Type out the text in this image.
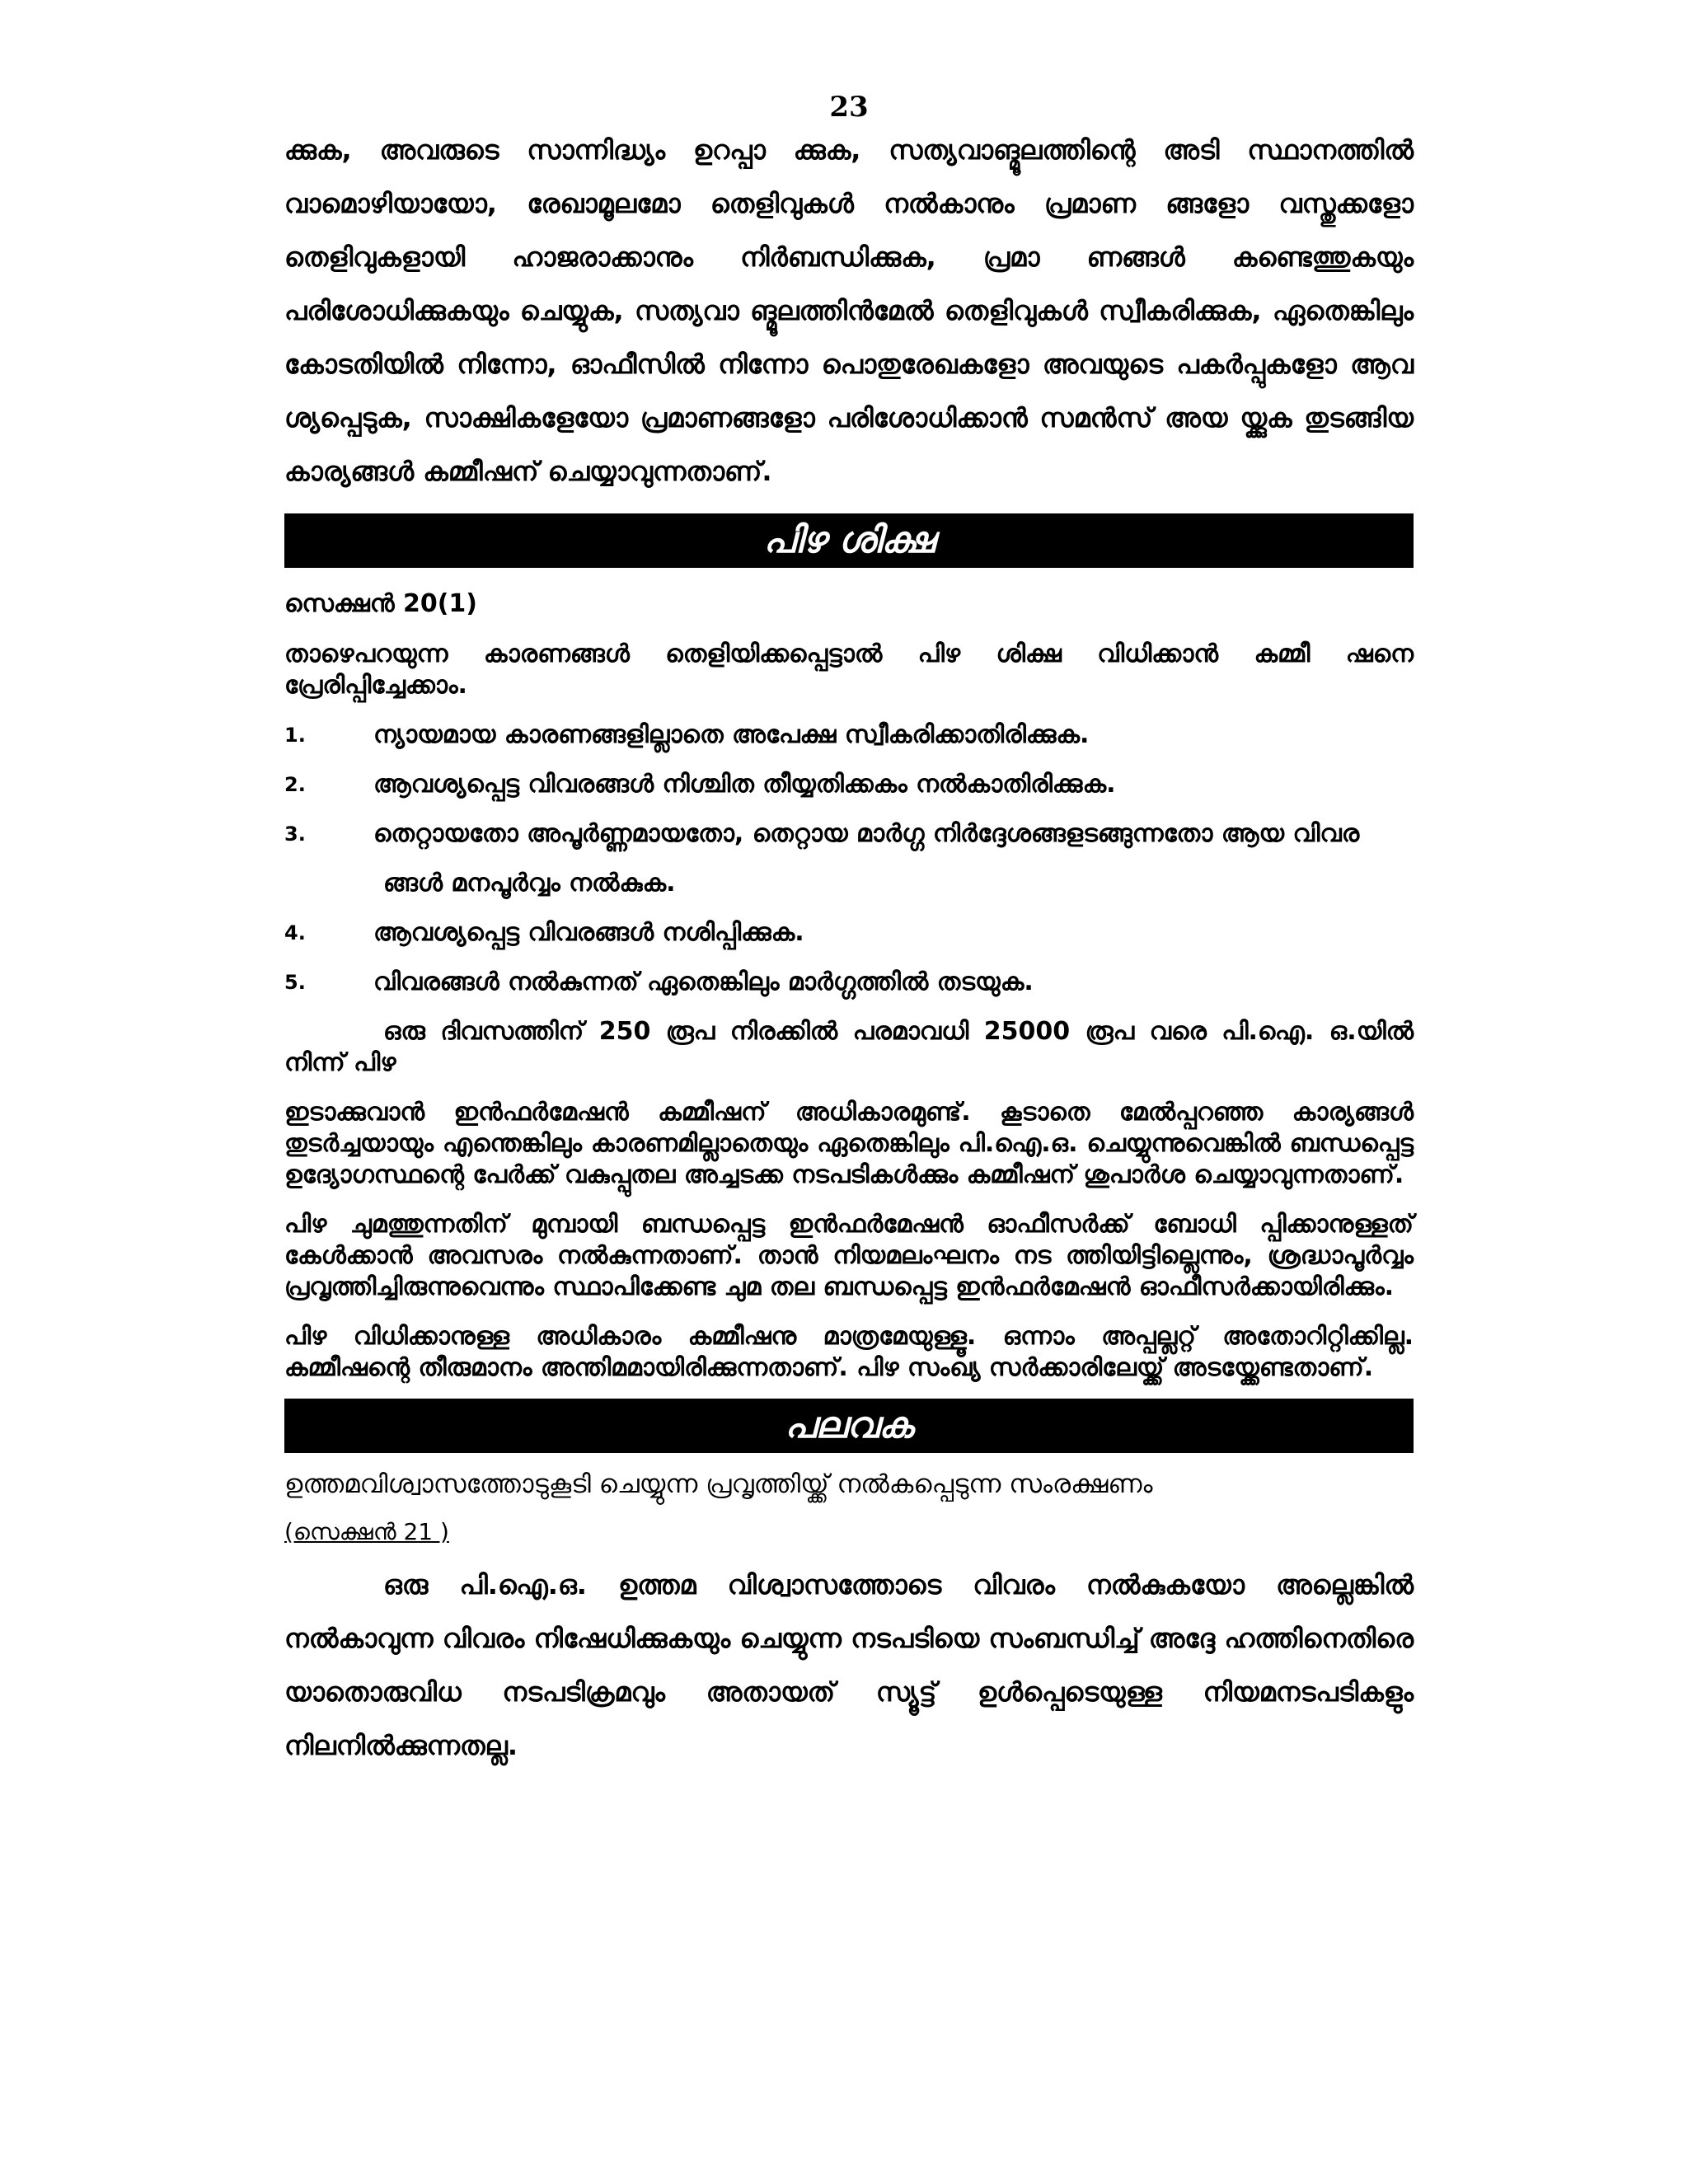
23

ക്കുക, അവരുടെ സാന്നിദ്ധ്യം ഉറപ്പാ ക്കുക, സത്യവാങ്മൂലത്തിന്റെ അടി സ്ഥാനത്തിൽ വാമൊഴിയായോ, രേഖാമൂലമോ തെളിവുകൾ നൽകാനും പ്രമാണ ങ്ങളോ വസ്തുക്കളോ തെളിവുകളായി ഹാജരാക്കാനും നിർബന്ധിക്കുക, പ്രമാ ണങ്ങൾ കണ്ടെത്തുകയും പരിശോധിക്കുകയും ചെയ്യുക, സത്യവാ ങ്മൂലത്തിൻമേൽ തെളിവുകൾ സ്വീകരിക്കുക, ഏതെങ്കിലും കോടതിയിൽ നിന്നോ, ഓഫീസിൽ നിന്നോ പൊതുരേഖകളോ അവയുടെ പകർപ്പുകളോ ആവ ശ്യപ്പെടുക, സാക്ഷികളേയോ പ്രമാണങ്ങളോ പരിശോധിക്കാൻ സമൻസ് അയ യ്ക്കുക തുടങ്ങിയ കാര്യങ്ങൾ കമ്മീഷന് ചെയ്യാവുന്നതാണ്.

പിഴ ശിക്ഷ
സെക്ഷൻ 20(1)

താഴെപറയുന്ന കാരണങ്ങൾ തെളിയിക്കപ്പെട്ടാൽ പിഴ ശിക്ഷ വിധിക്കാൻ കമ്മീ ഷനെ പ്രേരിപ്പിച്ചേക്കാം.

1.	ന്യായമായ കാരണങ്ങളില്ലാതെ അപേക്ഷ സ്വീകരിക്കാതിരിക്കുക.
2.	ആവശ്യപ്പെട്ട വിവരങ്ങൾ നിശ്ചിത തീയ്യതിക്കകം നൽകാതിരിക്കുക.
3.	തെറ്റായതോ അപൂർണ്ണമായതോ, തെറ്റായ മാർഗ്ഗ നിർദ്ദേശങ്ങളടങ്ങുന്നതോ ആയ വിവര
ങ്ങൾ മനപൂർവ്വം നൽകുക.
4.	ആവശ്യപ്പെട്ട വിവരങ്ങൾ നശിപ്പിക്കുക.
5.	വിവരങ്ങൾ നൽകുന്നത് ഏതെങ്കിലും മാർഗ്ഗത്തിൽ തടയുക.

ഒരു ദിവസത്തിന് 250 രൂപ നിരക്കിൽ പരമാവധി 25000 രൂപ വരെ പി.ഐ. ഒ.യിൽ നിന്ന് പിഴ

ഇടാക്കുവാൻ ഇൻഫർമേഷൻ കമ്മീഷന് അധികാരമുണ്ട്. കൂടാതെ മേൽപ്പറഞ്ഞ കാര്യങ്ങൾ തുടർച്ചയായും എന്തെങ്കിലും കാരണമില്ലാതെയും ഏതെങ്കിലും പി.ഐ.ഒ. ചെയ്യുന്നുവെങ്കിൽ ബന്ധപ്പെട്ട ഉദ്യോഗസ്ഥന്റെ പേർക്ക് വകുപ്പുതല അച്ചടക്ക നടപടികൾക്കും കമ്മീഷന് ശുപാർശ ചെയ്യാവുന്നതാണ്.

പിഴ ചുമത്തുന്നതിന് മുമ്പായി ബന്ധപ്പെട്ട ഇൻഫർമേഷൻ ഓഫീസർക്ക് ബോധി പ്പിക്കാനുള്ളത് കേൾക്കാൻ അവസരം നൽകുന്നതാണ്. താൻ നിയമലംഘനം നട ത്തിയിട്ടില്ലെന്നും, ശ്രദ്ധാപൂർവ്വം പ്രവൃത്തിച്ചിരുന്നുവെന്നും സ്ഥാപിക്കേണ്ട ചുമ തല ബന്ധപ്പെട്ട ഇൻഫർമേഷൻ ഓഫീസർക്കായിരിക്കും.

പിഴ വിധിക്കാനുള്ള അധികാരം കമ്മീഷനു മാത്രമേയുള്ളൂ. ഒന്നാം അപ്പല്ലറ്റ് അതോറിറ്റിക്കില്ല. കമ്മീഷന്റെ തീരുമാനം അന്തിമമായിരിക്കുന്നതാണ്. പിഴ സംഖ്യ സർക്കാരിലേയ്ക്ക് അടയ്ക്കേണ്ടതാണ്.

പലവക

ഉത്തമവിശ്വാസത്തോടുകൂടി ചെയ്യുന്ന പ്രവൃത്തിയ്ക്ക് നൽകപ്പെടുന്ന സംരക്ഷണം

(സെക്ഷൻ 21 )

ഒരു പി.ഐ.ഒ. ഉത്തമ വിശ്വാസത്തോടെ വിവരം നൽകുകയോ അല്ലെങ്കിൽ നൽകാവുന്ന വിവരം നിഷേധിക്കുകയും ചെയ്യുന്ന നടപടിയെ സംബന്ധിച്ച് അദ്ദേ ഹത്തിനെതിരെ യാതൊരുവിധ നടപടിക്രമവും അതായത് സ്യൂട്ട് ഉൾപ്പെടെയുള്ള നിയമനടപടികളും നിലനിൽക്കുന്നതല്ല.
